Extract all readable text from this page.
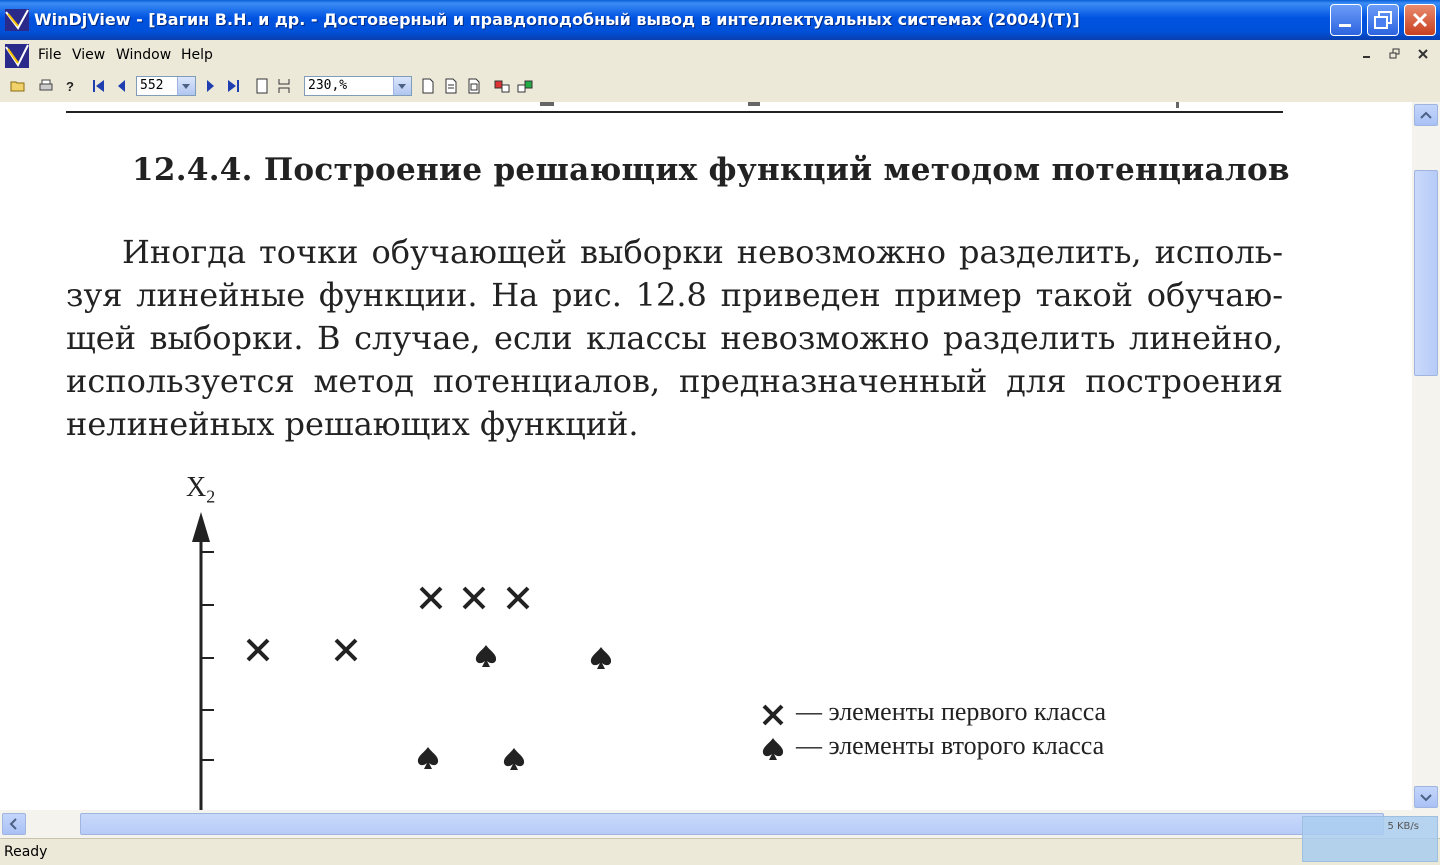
WinDjView - [Вагин В.Н. и др. - Достоверный и правдоподобный вывод в интеллектуальных системах (2004)(T)]
File View Window Help
?	552	230,%
12.4.4. Построение решающих функций методом потенциалов
Иногда точки обучающей выборки невозможно разделить, исполь-
зуя линейные функции. На рис. 12.8 приведен пример такой обучаю-
щей выборки. В случае, если классы невозможно разделить линейно,
используется метод потенциалов, предназначенный для построения
нелинейных решающих функций.
$X_2$
— элементы первого класса
— элементы второго класса
Ready
5 KB/s
